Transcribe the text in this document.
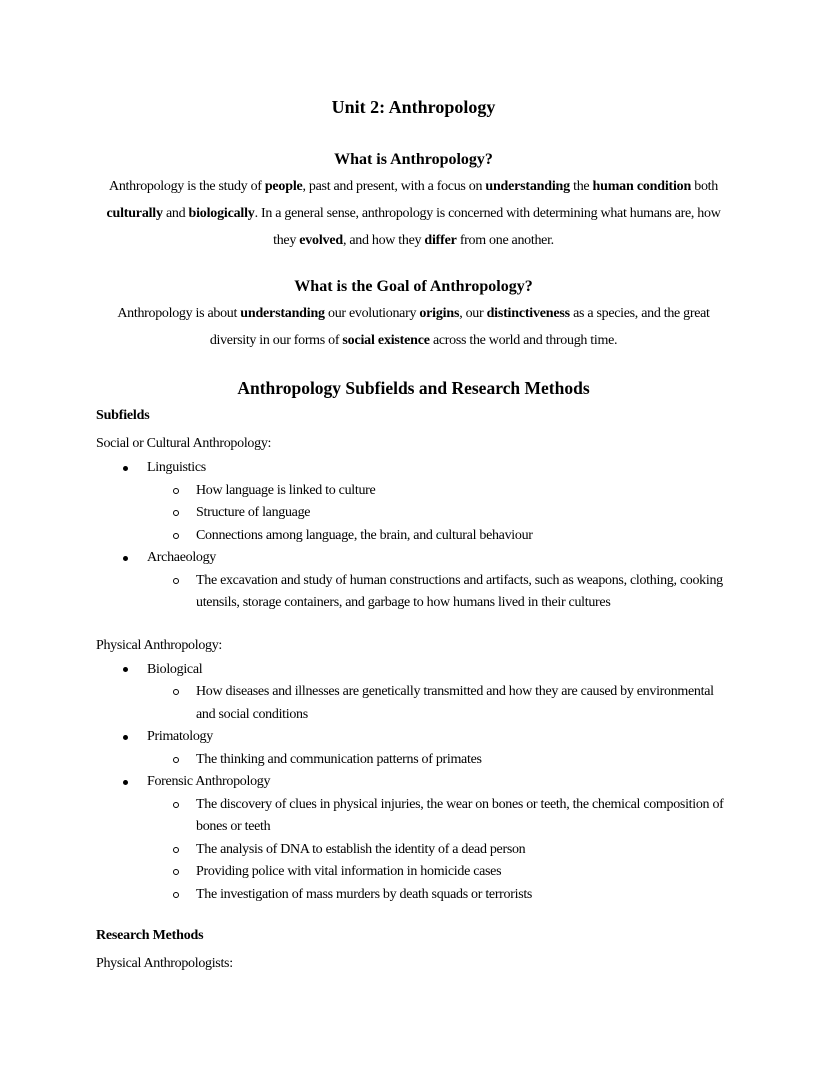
Unit 2: Anthropology
What is Anthropology?

Anthropology is the study of people, past and present, with a focus on understanding the human condition both culturally and biologically. In a general sense, anthropology is concerned with determining what humans are, how they evolved, and how they differ from one another.

What is the Goal of Anthropology?

Anthropology is about understanding our evolutionary origins, our distinctiveness as a species, and the great diversity in our forms of social existence across the world and through time.

Anthropology Subfields and Research Methods
Subfields

Social or Cultural Anthropology:

Linguistics
How language is linked to culture
Structure of language
Connections among language, the brain, and cultural behaviour
Archaeology
The excavation and study of human constructions and artifacts, such as weapons, clothing, cooking utensils, storage containers, and garbage to how humans lived in their cultures

Physical Anthropology:

Biological
How diseases and illnesses are genetically transmitted and how they are caused by environmental and social conditions
Primatology
The thinking and communication patterns of primates
Forensic Anthropology
The discovery of clues in physical injuries, the wear on bones or teeth, the chemical composition of bones or teeth
The analysis of DNA to establish the identity of a dead person
Providing police with vital information in homicide cases
The investigation of mass murders by death squads or terrorists
Research Methods

Physical Anthropologists:
